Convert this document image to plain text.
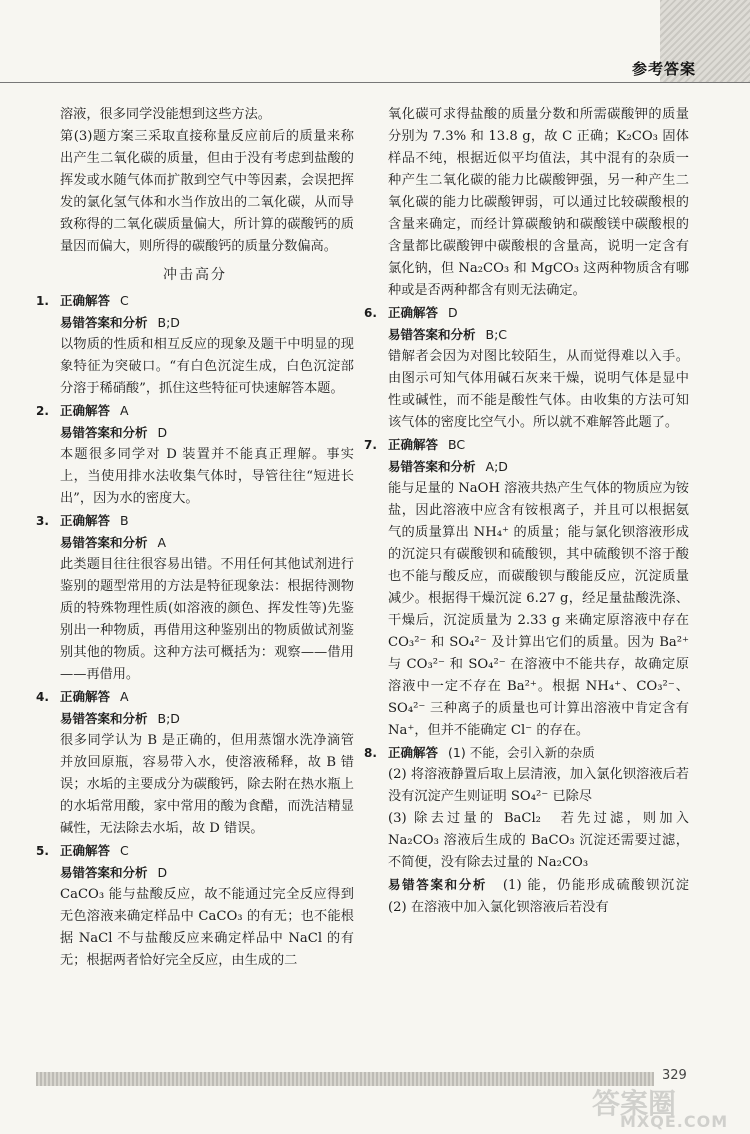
参考答案

溶液，很多同学没能想到这些方法。

第(3)题方案三采取直接称量反应前后的质量来称出产生二氧化碳的质量，但由于没有考虑到盐酸的挥发或水随气体而扩散到空气中等因素，会误把挥发的氯化氢气体和水当作放出的二氧化碳，从而导致称得的二氧化碳质量偏大，所计算的碳酸钙的质量因而偏大，则所得的碳酸钙的质量分数偏高。

冲击高分

1. 正确解答 C
易错答案和分析 B;D

以物质的性质和相互反应的现象及题干中明显的现象特征为突破口。“有白色沉淀生成，白色沉淀部分溶于稀硝酸”，抓住这些特征可快速解答本题。

2. 正确解答 A
易错答案和分析 D

本题很多同学对 D 装置并不能真正理解。事实上，当使用排水法收集气体时，导管往往“短进长出”，因为水的密度大。

3. 正确解答 B
易错答案和分析 A

此类题目往往很容易出错。不用任何其他试剂进行鉴别的题型常用的方法是特征现象法：根据待测物质的特殊物理性质(如溶液的颜色、挥发性等)先鉴别出一种物质，再借用这种鉴别出的物质做试剂鉴别其他的物质。这种方法可概括为：观察——借用——再借用。

4. 正确解答 A
易错答案和分析 B;D

很多同学认为 B 是正确的，但用蒸馏水洗净滴管并放回原瓶，容易带入水，使溶液稀释，故 B 错误；水垢的主要成分为碳酸钙，除去附在热水瓶上的水垢常用酸，家中常用的酸为食醋，而洗洁精显碱性，无法除去水垢，故 D 错误。

5. 正确解答 C
易错答案和分析 D

CaCO₃ 能与盐酸反应，故不能通过完全反应得到无色溶液来确定样品中 CaCO₃ 的有无；也不能根据 NaCl 不与盐酸反应来确定样品中 NaCl 的有无；根据两者恰好完全反应，由生成的二

氧化碳可求得盐酸的质量分数和所需碳酸钾的质量分别为 7.3% 和 13.8 g，故 C 正确；K₂CO₃ 固体样品不纯，根据近似平均值法，其中混有的杂质一种产生二氧化碳的能力比碳酸钾强，另一种产生二氧化碳的能力比碳酸钾弱，可以通过比较碳酸根的含量来确定，而经计算碳酸钠和碳酸镁中碳酸根的含量都比碳酸钾中碳酸根的含量高，说明一定含有氯化钠，但 Na₂CO₃ 和 MgCO₃ 这两种物质含有哪种或是否两种都含有则无法确定。

6. 正确解答 D
易错答案和分析 B;C

错解者会因为对图比较陌生，从而觉得难以入手。由图示可知气体用碱石灰来干燥，说明气体是显中性或碱性，而不能是酸性气体。由收集的方法可知该气体的密度比空气小。所以就不难解答此题了。

7. 正确解答 BC
易错答案和分析 A;D

能与足量的 NaOH 溶液共热产生气体的物质应为铵盐，因此溶液中应含有铵根离子，并且可以根据氨气的质量算出 NH₄⁺ 的质量；能与氯化钡溶液形成的沉淀只有碳酸钡和硫酸钡，其中硫酸钡不溶于酸也不能与酸反应，而碳酸钡与酸能反应，沉淀质量减少。根据得干燥沉淀 6.27 g，经足量盐酸洗涤、干燥后，沉淀质量为 2.33 g 来确定原溶液中存在 CO₃²⁻ 和 SO₄²⁻ 及计算出它们的质量。因为 Ba²⁺ 与 CO₃²⁻ 和 SO₄²⁻ 在溶液中不能共存，故确定原溶液中一定不存在 Ba²⁺。根据 NH₄⁺、CO₃²⁻、SO₄²⁻ 三种离子的质量也可计算出溶液中肯定含有 Na⁺，但并不能确定 Cl⁻ 的存在。

8. 正确解答 (1) 不能，会引入新的杂质

(2) 将溶液静置后取上层清液，加入氯化钡溶液后若没有沉淀产生则证明 SO₄²⁻ 已除尽

(3) 除去过量的 BaCl₂　若先过滤，则加入 Na₂CO₃ 溶液后生成的 BaCO₃ 沉淀还需要过滤，不简便，没有除去过量的 Na₂CO₃

易错答案和分析 (1) 能，仍能形成硫酸钡沉淀　(2) 在溶液中加入氯化钡溶液后若没有

329
答案圈
MXQE.COM
